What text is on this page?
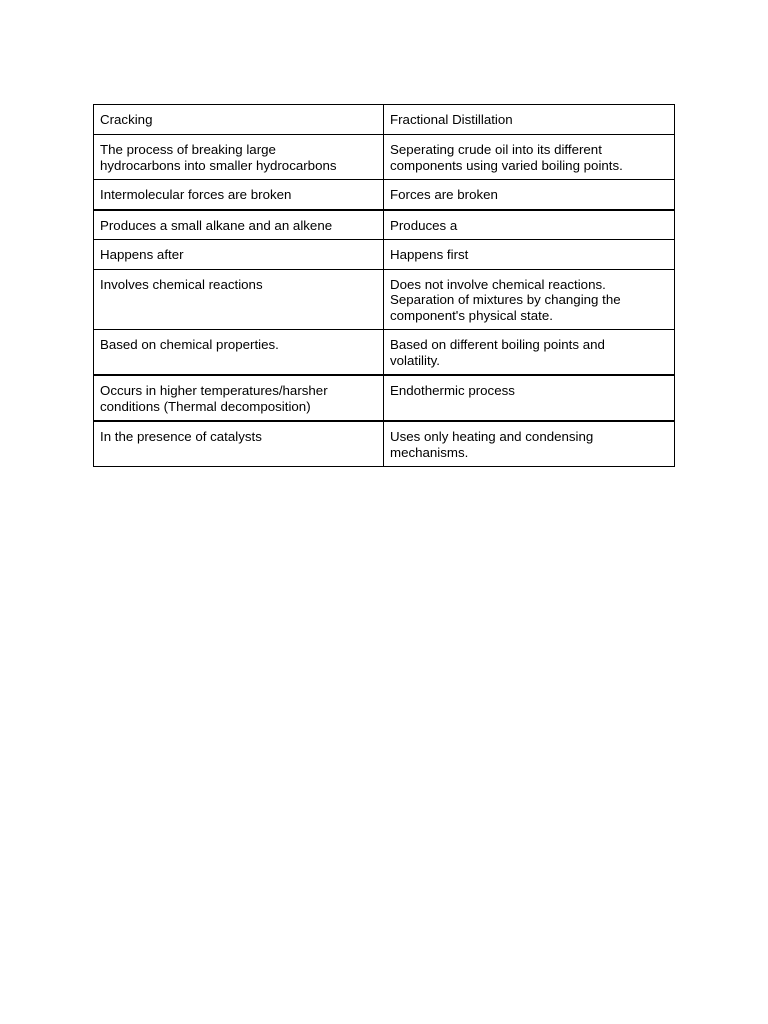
Cracking	Fractional Distillation

The process of breaking large
hydrocarbons into smaller hydrocarbons	Seperating crude oil into its different
components using varied boiling points.

Intermolecular forces are broken	Forces are broken

Produces a small alkane and an alkene	Produces a

Happens after	Happens first

Involves chemical reactions	Does not involve chemical reactions.
Separation of mixtures by changing the
component's physical state.

Based on chemical properties.	Based on different boiling points and
volatility.

Occurs in higher temperatures/harsher
conditions (Thermal decomposition)	Endothermic process

In the presence of catalysts	Uses only heating and condensing
mechanisms.
